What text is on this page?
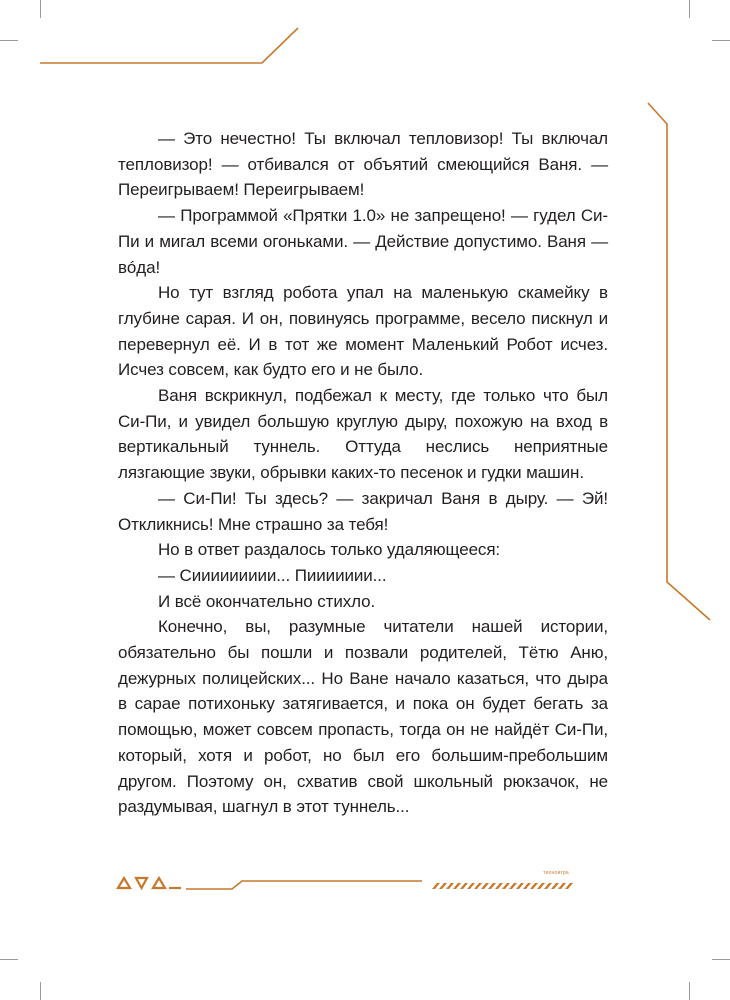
техноигра

— Это нечестно! Ты включал тепловизор! Ты включал тепловизор! — отбивался от объятий смеющийся Ваня. — Переигрываем! Переигрываем!

— Программой «Прятки 1.0» не запрещено! — гудел Си-Пи и мигал всеми огоньками. — Действие допустимо. Ваня — вóда!

Но тут взгляд робота упал на маленькую скамейку в глубине сарая. И он, повинуясь программе, весело пискнул и перевернул её. И в тот же момент Маленький Робот исчез. Исчез совсем, как будто его и не было.

Ваня вскрикнул, подбежал к месту, где только что был Си-Пи, и увидел большую круглую дыру, похожую на вход в вертикальный туннель. Оттуда неслись неприятные лязгающие звуки, обрывки каких-то песенок и гудки машин.

— Си-Пи! Ты здесь? — закричал Ваня в дыру. — Эй! Откликнись! Мне страшно за тебя!

Но в ответ раздалось только удаляющееся:

— Сиииииииии... Пиииииии...

И всё окончательно стихло.

Конечно, вы, разумные читатели нашей истории, обязательно бы пошли и позвали родителей, Тётю Аню, дежурных полицейских... Но Ване начало казаться, что дыра в сарае потихоньку затягивается, и пока он будет бегать за помощью, может совсем пропасть, тогда он не найдёт Си-Пи, который, хотя и робот, но был его большим-пребольшим другом. Поэтому он, схватив свой школьный рюкзачок, не раздумывая, шагнул в этот туннель...
